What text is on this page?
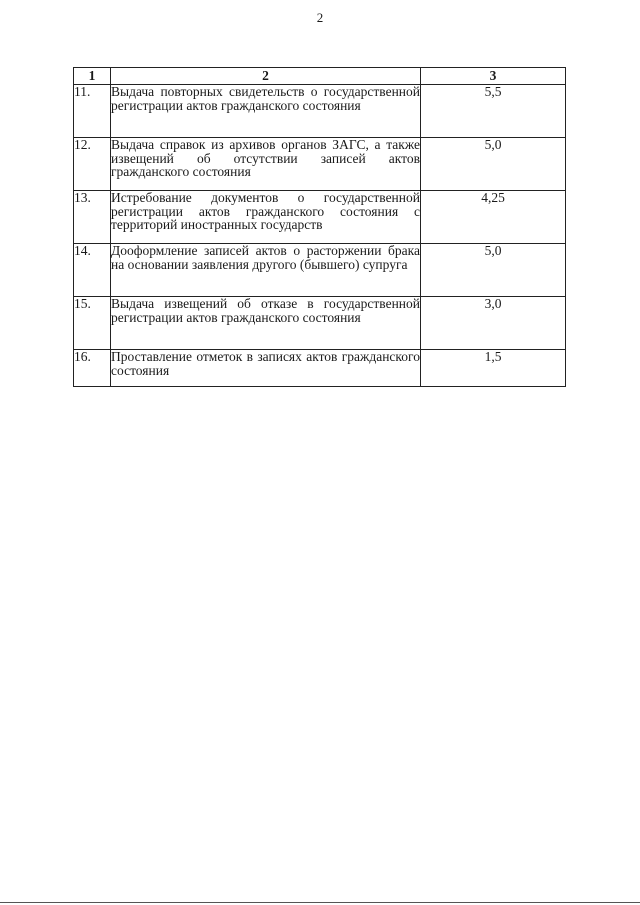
2
1	2	3
11.	Выдача повторных свидетельств о государственной регистрации актов гражданского состояния	5,5
12.	Выдача справок из архивов органов ЗАГС, а также извещений об отсутствии записей актов гражданского состояния	5,0
13.	Истребование документов о государственной регистрации актов гражданского состояния с территорий иностранных государств	4,25
14.	Дооформление записей актов о расторжении брака на основании заявления другого (бывшего) супруга	5,0
15.	Выдача извещений об отказе в государственной регистрации актов гражданского состояния	3,0
16.	Проставление отметок в записях актов гражданского состояния	1,5
